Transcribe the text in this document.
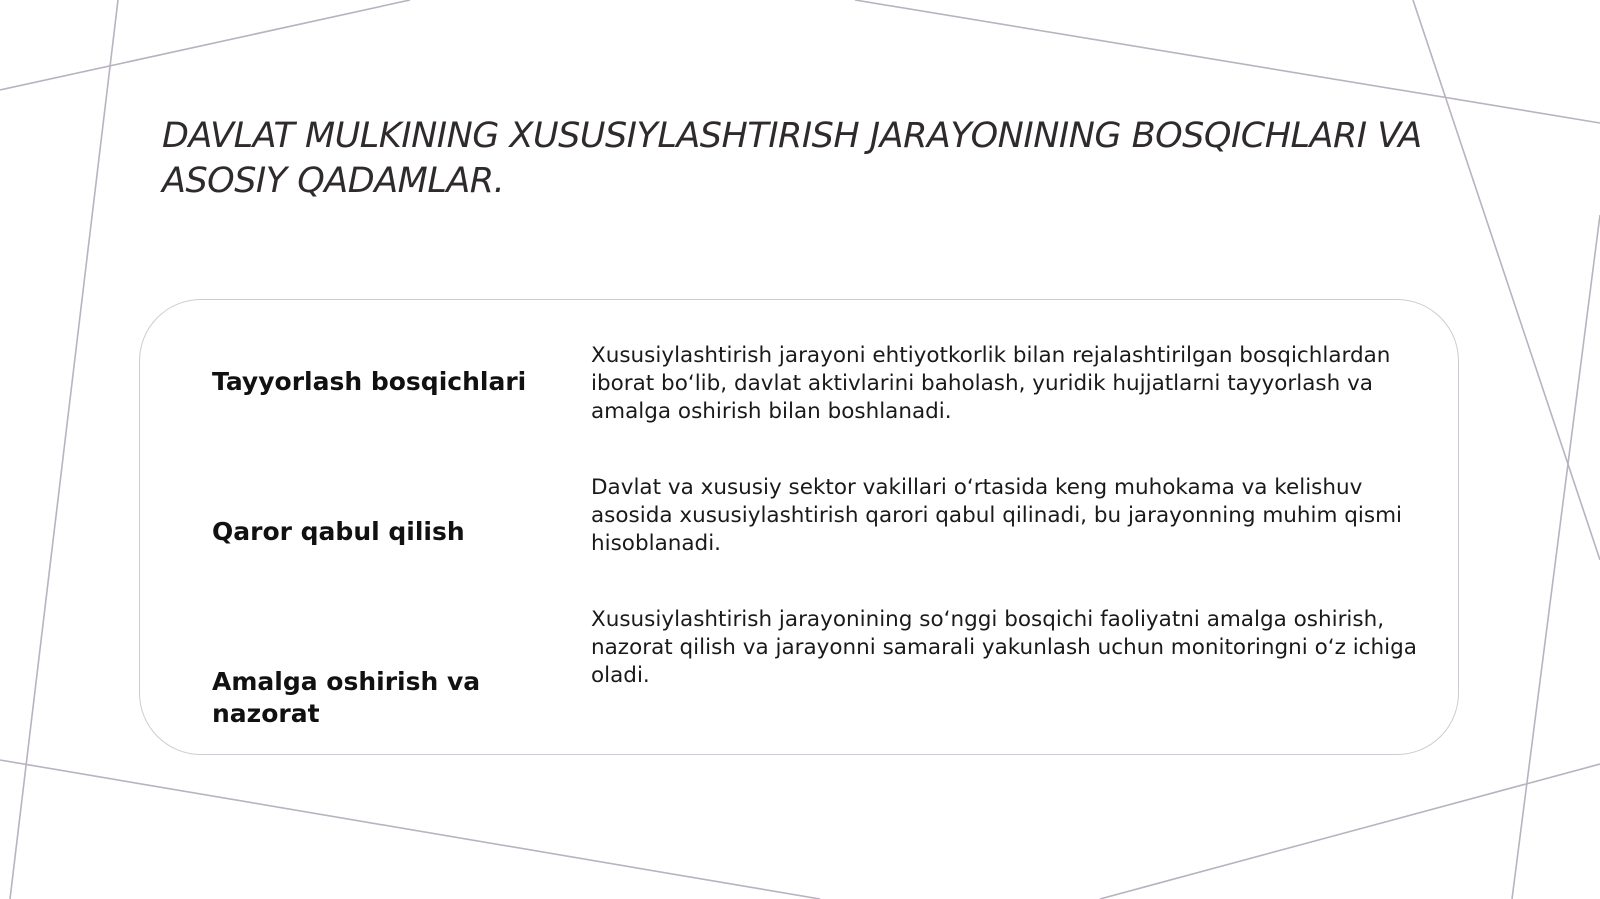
DAVLAT MULKINING XUSUSIYLASHTIRISH JARAYONINING BOSQICHLARI VA ASOSIY QADAMLAR.
Tayyorlash bosqichlari
Xususiylashtirish jarayoni ehtiyotkorlik bilan rejalashtirilgan bosqichlardan iborat bo‘lib, davlat aktivlarini baholash, yuridik hujjatlarni tayyorlash va amalga oshirish bilan boshlanadi.
Qaror qabul qilish
Davlat va xususiy sektor vakillari o‘rtasida keng muhokama va kelishuv asosida xususiylashtirish qarori qabul qilinadi, bu jarayonning muhim qismi hisoblanadi.
Amalga oshirish va nazorat
Xususiylashtirish jarayonining so‘nggi bosqichi faoliyatni amalga oshirish, nazorat qilish va jarayonni samarali yakunlash uchun monitoringni o‘z ichiga oladi.
